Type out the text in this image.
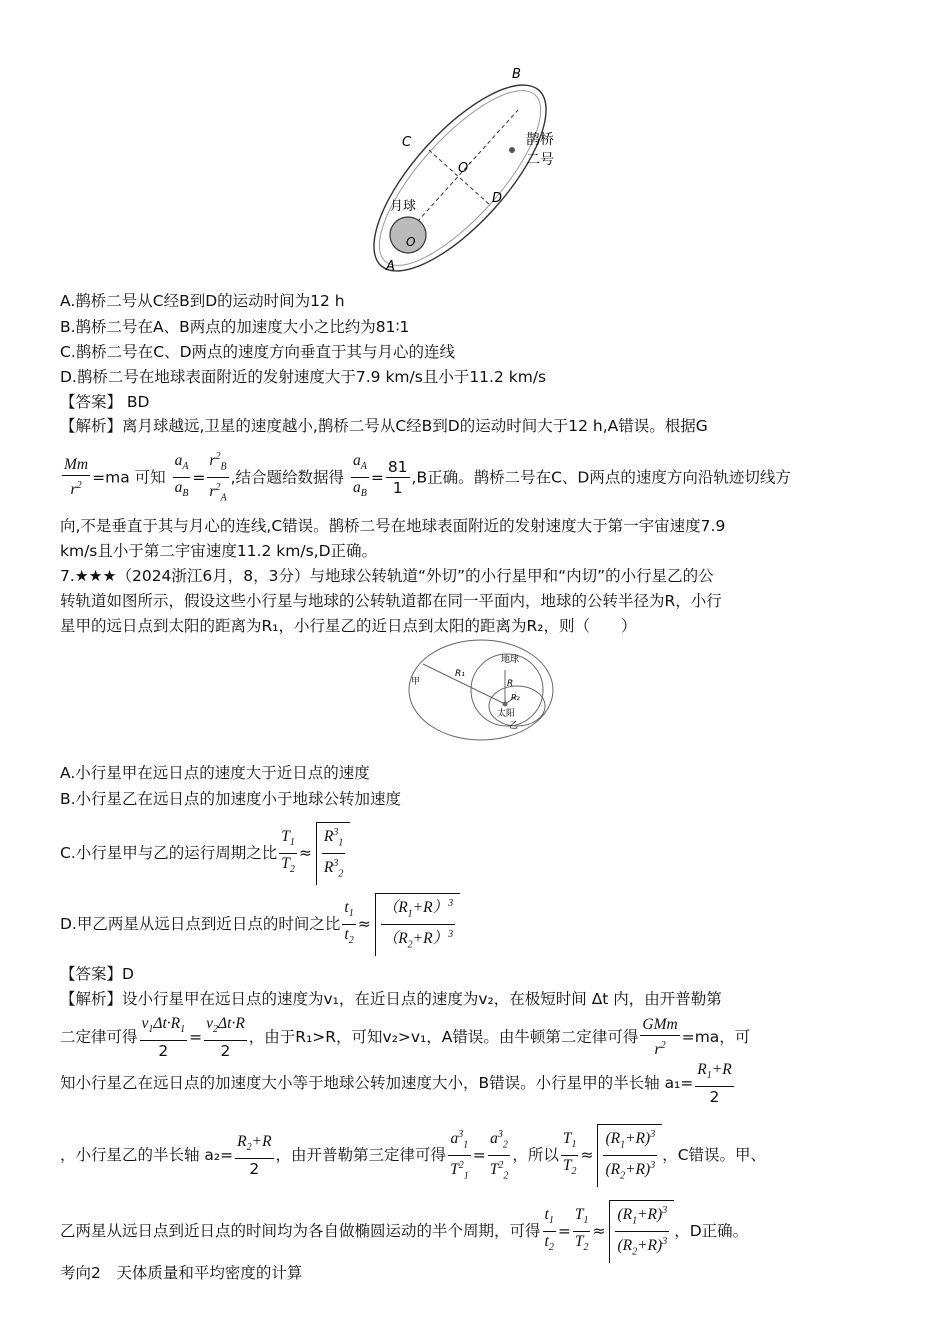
B
C
O′
D
月球
O
A
鹊桥
二号
A.鹊桥二号从C经B到D的运动时间为12 h
B.鹊桥二号在A、B两点的加速度大小之比约为81∶1
C.鹊桥二号在C、D两点的速度方向垂直于其与月心的连线
D.鹊桥二号在地球表面附近的发射速度大于7.9 km/s且小于11.2 km/s
【答案】 BD
【解析】离月球越远,卫星的速度越小,鹊桥二号从C经B到D的运动时间大于12 h,A错误。根据G
$\frac{Mm}{r^2} =ma$ 可知 $\frac{a_A}{a_B} = \frac{r^2_B}{r^2_A}$ ,结合题给数据得 $\frac{a_A}{a_B} = \frac{81}{1} ,B$正确。鹊桥二号在C、D两点的速度方向沿轨迹切线方
向,不是垂直于其与月心的连线,C错误。鹊桥二号在地球表面附近的发射速度大于第一宇宙速度7.9
km/s且小于第二宇宙速度11.2 km/s,D正确。
7.★★★（2024浙江6月，8，3分）与地球公转轨道“外切”的小行星甲和“内切”的小行星乙的公
转轨道如图所示，假设这些小行星与地球的公转轨道都在同一平面内，地球的公转半径为R，小行
星甲的远日点到太阳的距离为R₁，小行星乙的近日点到太阳的距离为R₂，则（　　）
R₁
地球
R
R₂
甲
太阳
乙
A.小行星甲在远日点的速度大于近日点的速度
B.小行星乙在远日点的加速度小于地球公转加速度
C.小行星甲与乙的运行周期之比 $\frac{T_1}{T_2} \approx \frac{R^3_1}{R^3_2}$
D.甲乙两星从远日点到近日点的时间之比 $\frac{t_1}{t_2} \approx \frac{(R_1+R)^3}{(R_2+R)^3}$
【答案】D
【解析】设小行星甲在远日点的速度为v₁，在近日点的速度为v₂，在极短时间 Δt 内，由开普勒第
二定律可得 $\frac{v_1\Delta t\cdot R_1}{2} = \frac{v_2\Delta t\cdot R}{2}$ ，由于R₁>R，可知v₂>v₁，A错误。由牛顿第二定律可得 $\frac{\text{GMm}}{r^2} =ma$，可
知小行星乙在远日点的加速度大小等于地球公转加速度大小，B错误。小行星甲的半长轴 $a_1= \frac{R_1+R}{2}$
，小行星乙的半长轴 $a_2= \frac{R_2+R}{2}$ ，由开普勒第三定律可得 $\frac{a^3_1}{T^2_1} = \frac{a^3_2}{T^2_2}$ ，所以 $\frac{T_1}{T_2} \approx \frac{(R_1+R)^3}{(R_2+R)^3}$ ，C错误。甲、
乙两星从远日点到近日点的时间均为各自做椭圆运动的半个周期，可得 $\frac{t_1}{t_2} = \frac{T_1}{T_2} \approx \frac{(R_1+R)^3}{(R_2+R)^3}$ ，D正确。
考向2　天体质量和平均密度的计算
